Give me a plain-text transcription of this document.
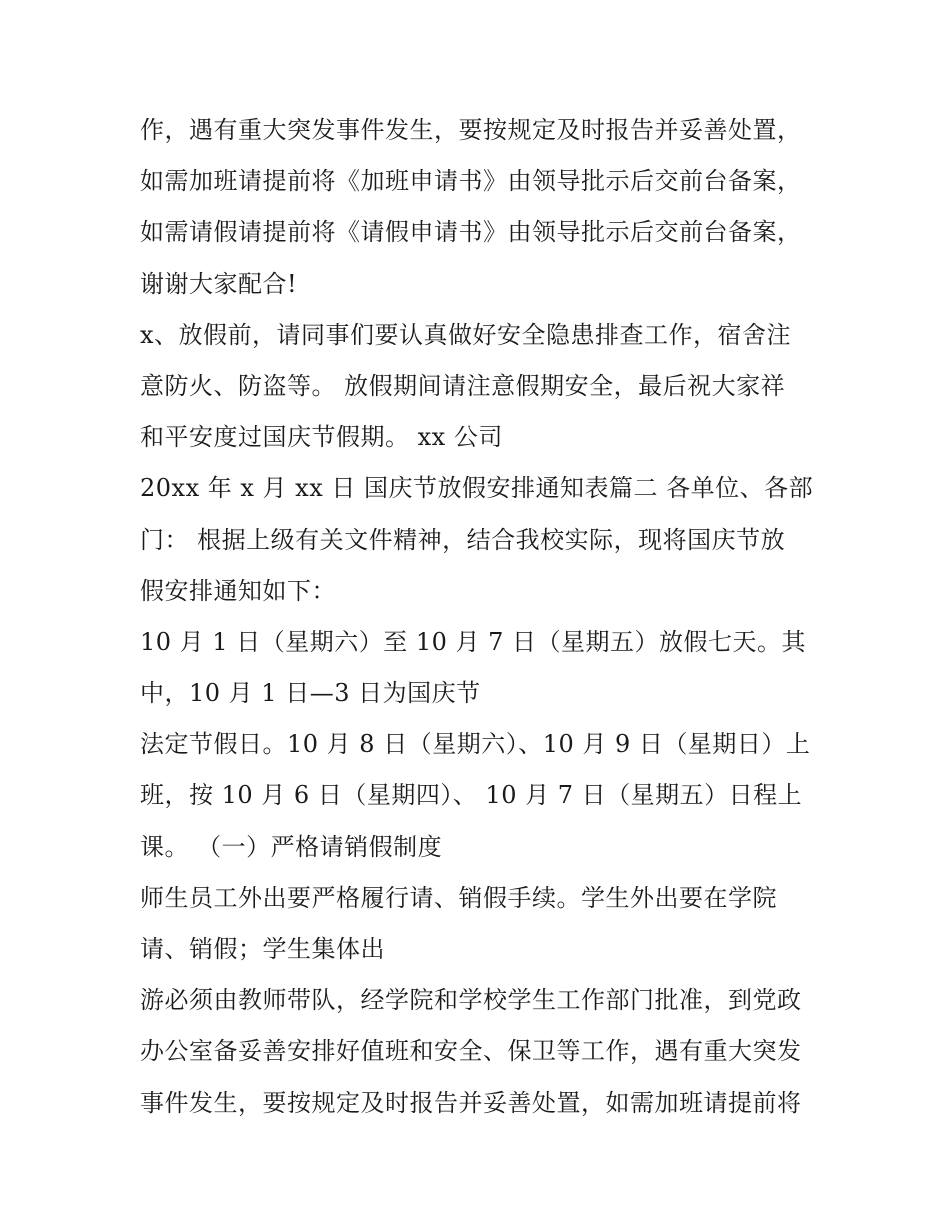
作，遇有重大突发事件发生，要按规定及时报告并妥善处置，
如需加班请提前将《加班申请书》由领导批示后交前台备案，
如需请假请提前将《请假申请书》由领导批示后交前台备案，
谢谢大家配合!
x、放假前，请同事们要认真做好安全隐患排查工作，宿舍注
意防火、防盗等。 放假期间请注意假期安全，最后祝大家祥
和平安度过国庆节假期。 xx 公司
20xx 年 x 月 xx 日 国庆节放假安排通知表篇二 各单位、各部
门： 根据上级有关文件精神，结合我校实际，现将国庆节放
假安排通知如下：
10 月 1 日（星期六）至 10 月 7 日（星期五）放假七天。其
中，10 月 1 日—3 日为国庆节
法定节假日。10 月 8 日（星期六）、10 月 9 日（星期日）上
班，按 10 月 6 日（星期四）、 10 月 7 日（星期五）日程上
课。 （一）严格请销假制度
师生员工外出要严格履行请、销假手续。学生外出要在学院
请、销假；学生集体出
游必须由教师带队，经学院和学校学生工作部门批准，到党政
办公室备妥善安排好值班和安全、保卫等工作，遇有重大突发
事件发生，要按规定及时报告并妥善处置，如需加班请提前将
